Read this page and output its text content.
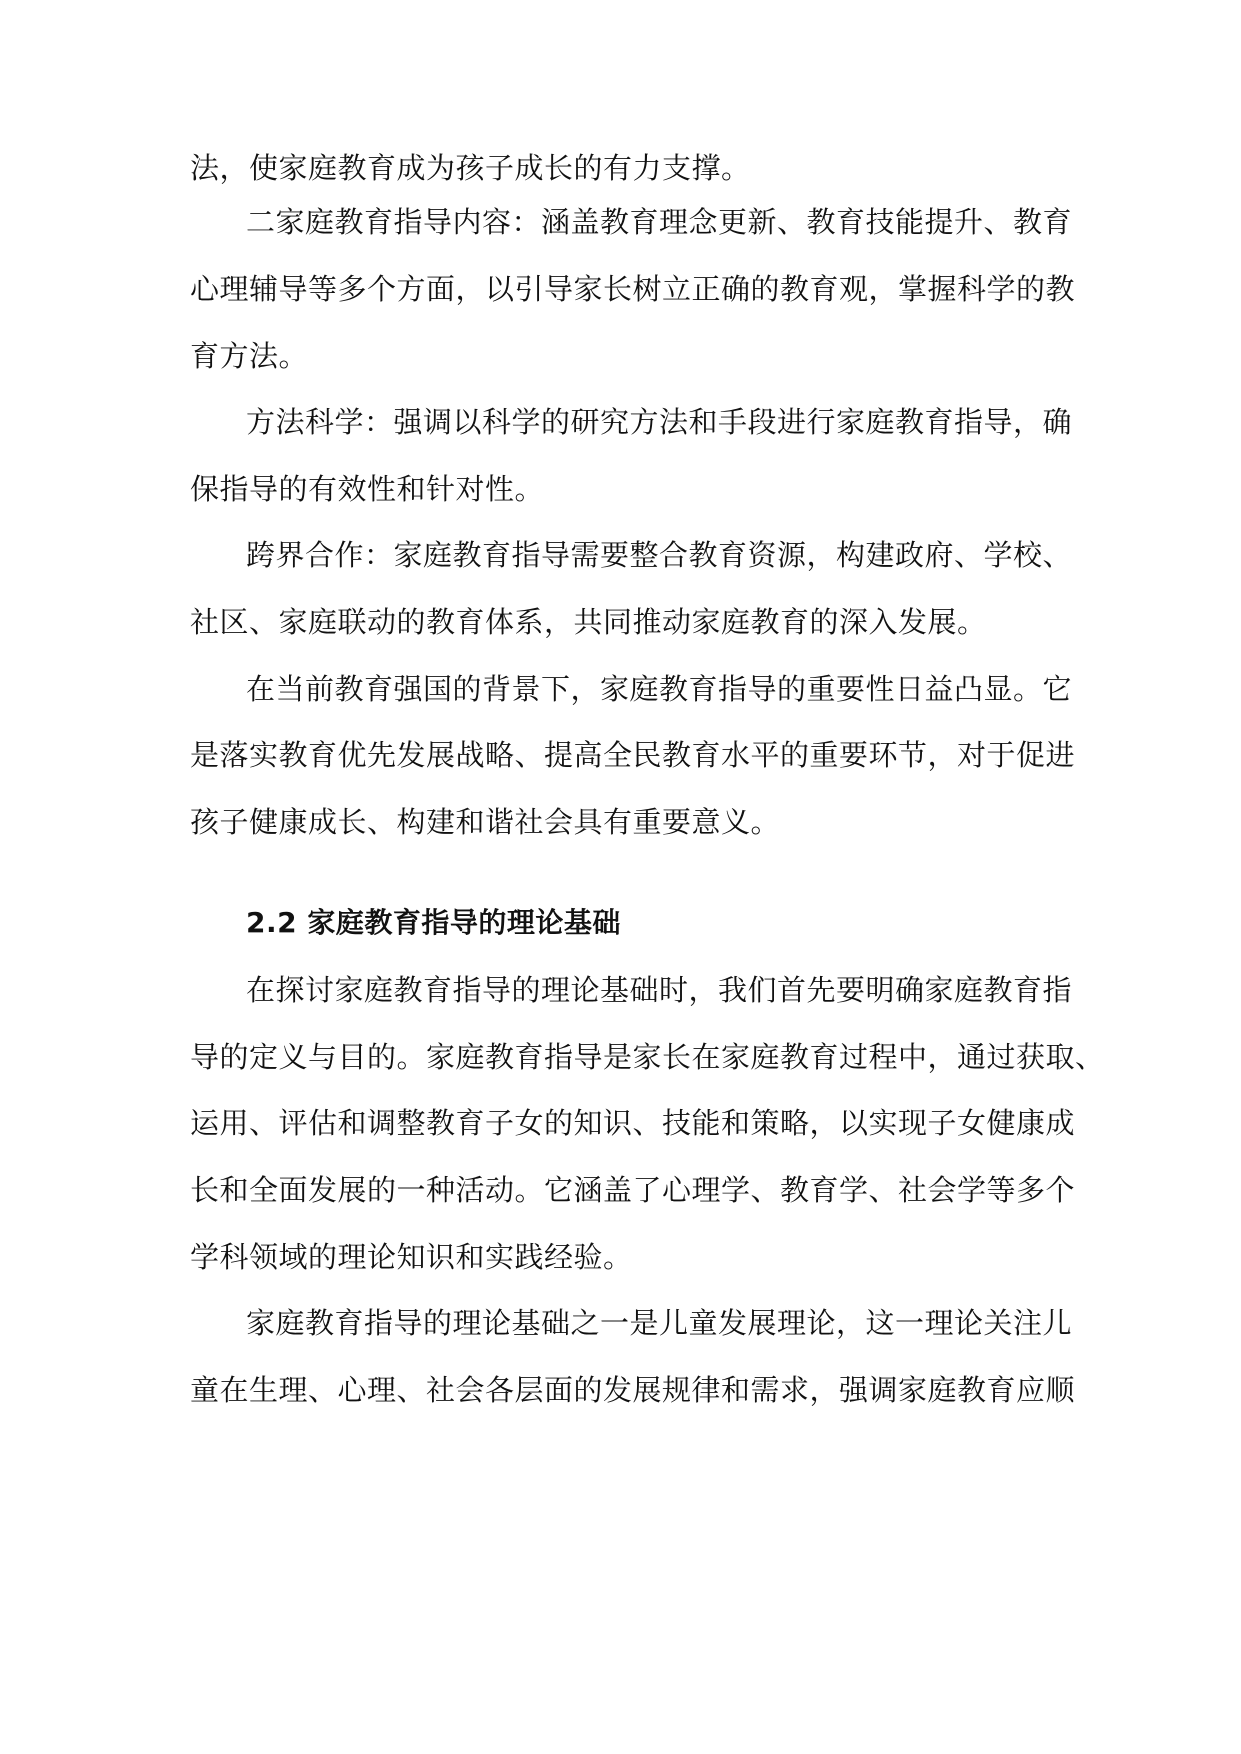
法，使家庭教育成为孩子成长的有力支撑。
二家庭教育指导内容：涵盖教育理念更新、教育技能提升、教育
心理辅导等多个方面，以引导家长树立正确的教育观，掌握科学的教
育方法。
方法科学：强调以科学的研究方法和手段进行家庭教育指导，确
保指导的有效性和针对性。
跨界合作：家庭教育指导需要整合教育资源，构建政府、学校、
社区、家庭联动的教育体系，共同推动家庭教育的深入发展。
在当前教育强国的背景下，家庭教育指导的重要性日益凸显。它
是落实教育优先发展战略、提高全民教育水平的重要环节，对于促进
孩子健康成长、构建和谐社会具有重要意义。
2.2 家庭教育指导的理论基础
在探讨家庭教育指导的理论基础时，我们首先要明确家庭教育指
导的定义与目的。家庭教育指导是家长在家庭教育过程中，通过获取、
运用、评估和调整教育子女的知识、技能和策略，以实现子女健康成
长和全面发展的一种活动。它涵盖了心理学、教育学、社会学等多个
学科领域的理论知识和实践经验。
家庭教育指导的理论基础之一是儿童发展理论，这一理论关注儿
童在生理、心理、社会各层面的发展规律和需求，强调家庭教育应顺
